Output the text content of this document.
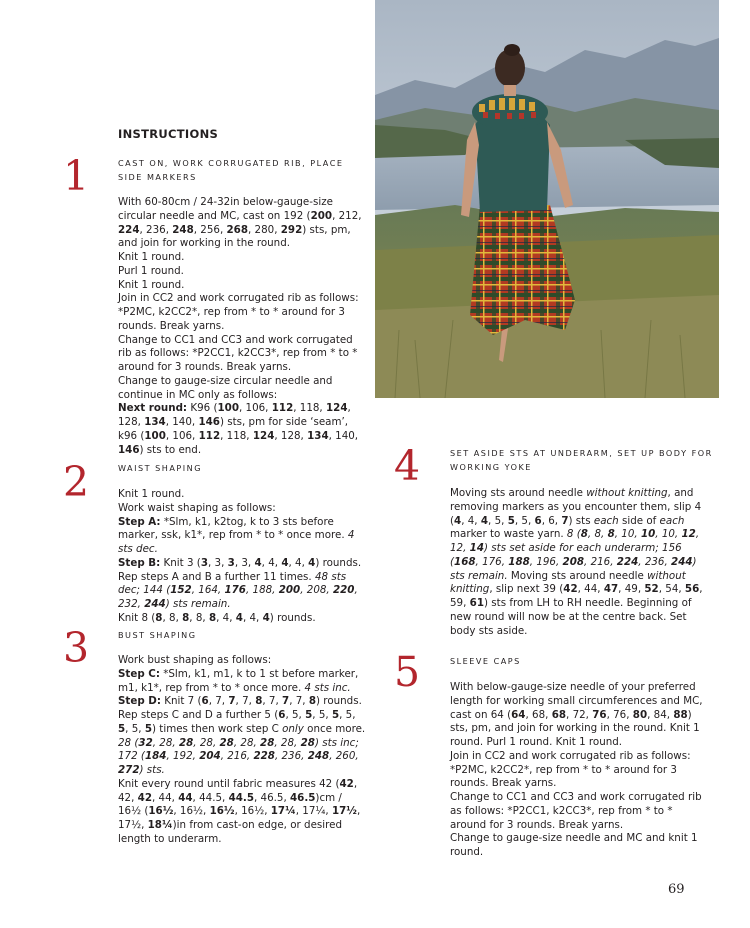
INSTRUCTIONS
1	CAST ON, WORK CORRUGATED RIB, PLACE
SIDE MARKERS

With 60-80cm / 24-32in below-gauge-size circular needle and MC, cast on 192 (200, 212, 224, 236, 248, 256, 268, 280, 292) sts, pm, and join for working in the round.

Knit 1 round.

Purl 1 round.

Knit 1 round.

Join in CC2 and work corrugated rib as follows: *P2MC, k2CC2*, rep from * to * around for 3 rounds. Break yarns.

Change to CC1 and CC3 and work corrugated rib as follows: *P2CC1, k2CC3*, rep from * to * around for 3 rounds. Break yarns.

Change to gauge-size circular needle and continue in MC only as follows:

Next round: K96 (100, 106, 112, 118, 124, 128, 134, 140, 146) sts, pm for side ‘seam’, k96 (100, 106, 112, 118, 124, 128, 134, 140, 146) sts to end.

2	WAIST SHAPING

Knit 1 round.

Work waist shaping as follows:

Step A: *Slm, k1, k2tog, k to 3 sts before marker, ssk, k1*, rep from * to * once more. 4 sts dec.

Step B: Knit 3 (3, 3, 3, 3, 4, 4, 4, 4, 4) rounds.

Rep steps A and B a further 11 times. 48 sts dec; 144 (152, 164, 176, 188, 200, 208, 220, 232, 244) sts remain.

Knit 8 (8, 8, 8, 8, 8, 4, 4, 4, 4) rounds.

3	BUST SHAPING

Work bust shaping as follows:

Step C: *Slm, k1, m1, k to 1 st before marker, m1, k1*, rep from * to * once more. 4 sts inc.

Step D: Knit 7 (6, 7, 7, 7, 8, 7, 7, 7, 8) rounds.

Rep steps C and D a further 5 (6, 5, 5, 5, 5, 5, 5, 5, 5) times then work step C only once more.

28 (32, 28, 28, 28, 28, 28, 28, 28, 28) sts inc; 172 (184, 192, 204, 216, 228, 236, 248, 260, 272) sts.

Knit every round until fabric measures 42 (42, 42, 42, 44, 44, 44.5, 44.5, 46.5, 46.5)cm / 16½ (16½, 16½, 16½, 16½, 17¼, 17¼, 17½, 17½, 18¼)in from cast-on edge, or desired length to underarm.

4	SET ASIDE STS AT UNDERARM, SET UP BODY FOR
WORKING YOKE

Moving sts around needle without knitting, and removing markers as you encounter them, slip 4 (4, 4, 4, 5, 5, 5, 6, 6, 7) sts each side of each marker to waste yarn. 8 (8, 8, 8, 10, 10, 10, 12, 12, 14) sts set aside for each underarm; 156 (168, 176, 188, 196, 208, 216, 224, 236, 244) sts remain. Moving sts around needle without knitting, slip next 39 (42, 44, 47, 49, 52, 54, 56, 59, 61) sts from LH to RH needle. Beginning of new round will now be at the centre back. Set body sts aside.

5	SLEEVE CAPS

With below-gauge-size needle of your preferred length for working small circumferences and MC, cast on 64 (64, 68, 68, 72, 76, 76, 80, 84, 88) sts, pm, and join for working in the round. Knit 1 round. Purl 1 round. Knit 1 round.

Join in CC2 and work corrugated rib as follows: *P2MC, k2CC2*, rep from * to * around for 3 rounds. Break yarns.

Change to CC1 and CC3 and work corrugated rib as follows: *P2CC1, k2CC3*, rep from * to * around for 3 rounds. Break yarns.

Change to gauge-size needle and MC and knit 1 round.

69
